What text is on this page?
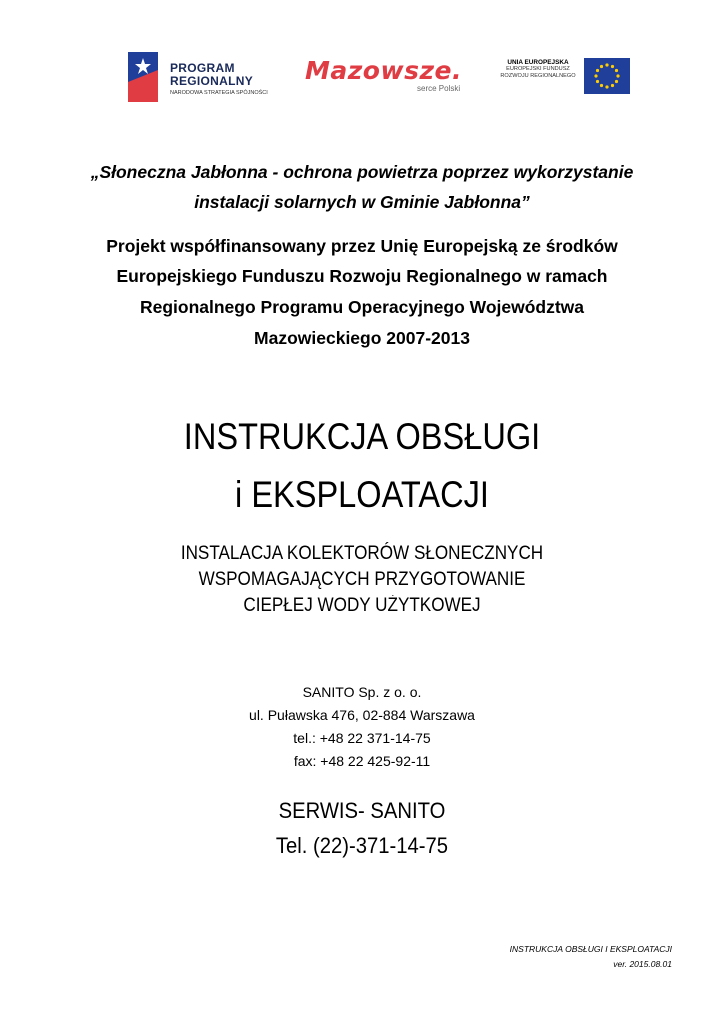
PROGRAM
REGIONALNY
NARODOWA STRATEGIA SPÓJNOŚCI
Mazowsze.
serce Polski
UNIA EUROPEJSKA
EUROPEJSKI FUNDUSZ
ROZWOJU REGIONALNEGO
„Słoneczna Jabłonna - ochrona powietrza poprzez wykorzystanie
instalacji solarnych w Gminie Jabłonna”
Projekt współfinansowany przez Unię Europejską ze środków
Europejskiego Funduszu Rozwoju Regionalnego w ramach
Regionalnego Programu Operacyjnego Województwa
Mazowieckiego 2007-2013
INSTRUKCJA OBSŁUGI
i EKSPLOATACJI
INSTALACJA KOLEKTORÓW SŁONECZNYCH
WSPOMAGAJĄCYCH PRZYGOTOWANIE
CIEPŁEJ WODY UŻYTKOWEJ
SANITO Sp. z o. o.
ul. Puławska 476, 02-884 Warszawa
tel.: +48 22 371-14-75
fax: +48 22 425-92-11
SERWIS- SANITO
Tel. (22)-371-14-75
INSTRUKCJA OBSŁUGI I EKSPLOATACJI
ver. 2015.08.01
